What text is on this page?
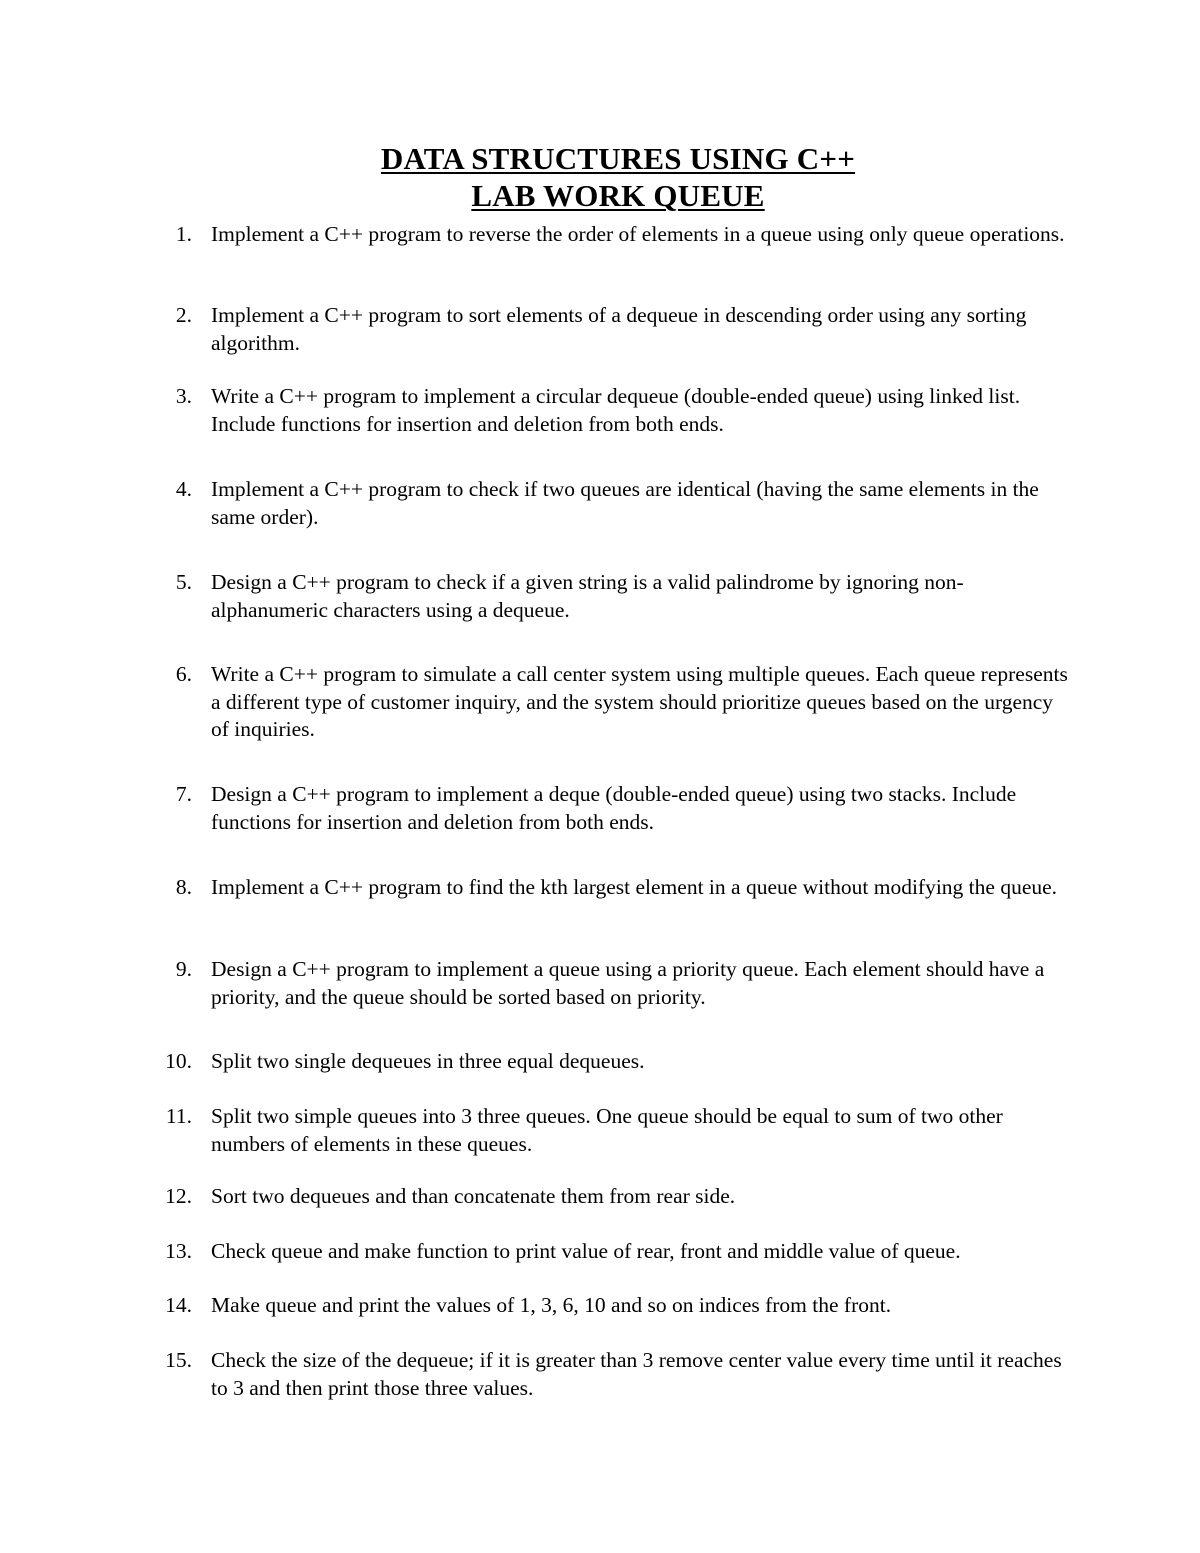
DATA STRUCTURES USING C++
LAB WORK QUEUE
1. Implement a C++ program to reverse the order of elements in a queue using only queue operations.
2. Implement a C++ program to sort elements of a dequeue in descending order using any sorting algorithm.
3. Write a C++ program to implement a circular dequeue (double-ended queue) using linked list. Include functions for insertion and deletion from both ends.
4. Implement a C++ program to check if two queues are identical (having the same elements in the same order).
5. Design a C++ program to check if a given string is a valid palindrome by ignoring non-alphanumeric characters using a dequeue.
6. Write a C++ program to simulate a call center system using multiple queues. Each queue represents a different type of customer inquiry, and the system should prioritize queues based on the urgency of inquiries.
7. Design a C++ program to implement a deque (double-ended queue) using two stacks. Include functions for insertion and deletion from both ends.
8. Implement a C++ program to find the kth largest element in a queue without modifying the queue.
9. Design a C++ program to implement a queue using a priority queue. Each element should have a priority, and the queue should be sorted based on priority.
10. Split two single dequeues in three equal dequeues.
11. Split two simple queues into 3 three queues. One queue should be equal to sum of two other numbers of elements in these queues.
12. Sort two dequeues and than concatenate them from rear side.
13. Check queue and make function to print value of rear, front and middle value of queue.
14. Make queue and print the values of 1, 3, 6, 10 and so on indices from the front.
15. Check the size of the dequeue; if it is greater than 3 remove center value every time until it reaches to 3 and then print those three values.
